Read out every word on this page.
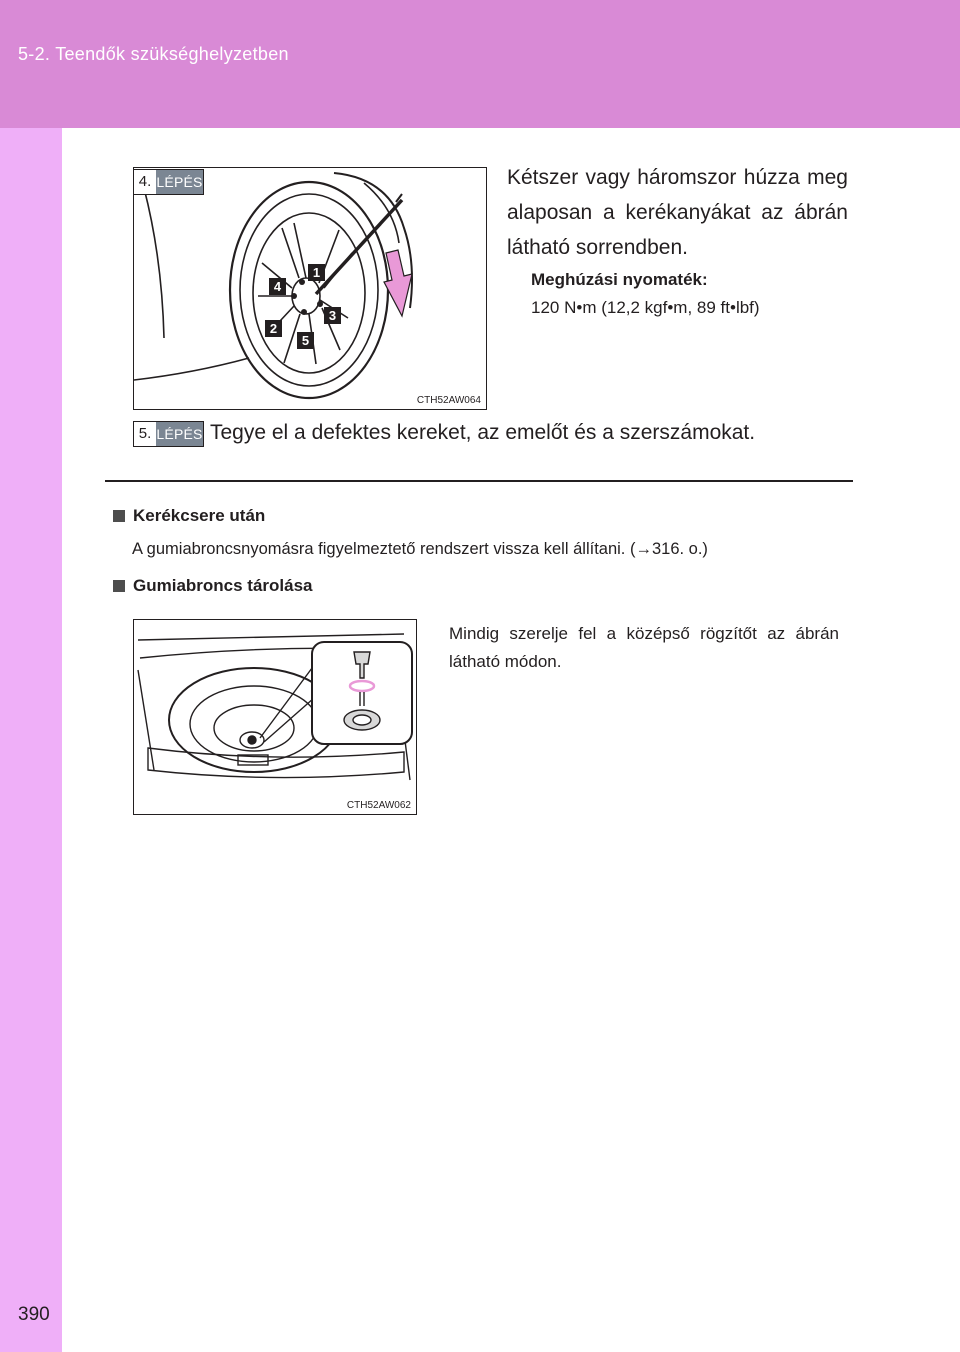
5-2. Teendők szükséghelyzetben
1
2
3
4
5
CTH52AW064
4. LÉPÉS	Kétszer vagy háromszor húzza meg alaposan a kerékanyákat az ábrán látható sorrendben.
Meghúzási nyomaték:
120 N•m (12,2 kgf•m, 89 ft•lbf)
5. LÉPÉS Tegye el a defektes kereket, az emelőt és a szerszámokat.
Kerékcsere után
A gumiabroncsnyomásra figyelmeztető rendszert vissza kell állítani. (→316. o.)
Gumiabroncs tárolása
CTH52AW062
Mindig szerelje fel a középső rögzítőt az ábrán látható módon.
390
